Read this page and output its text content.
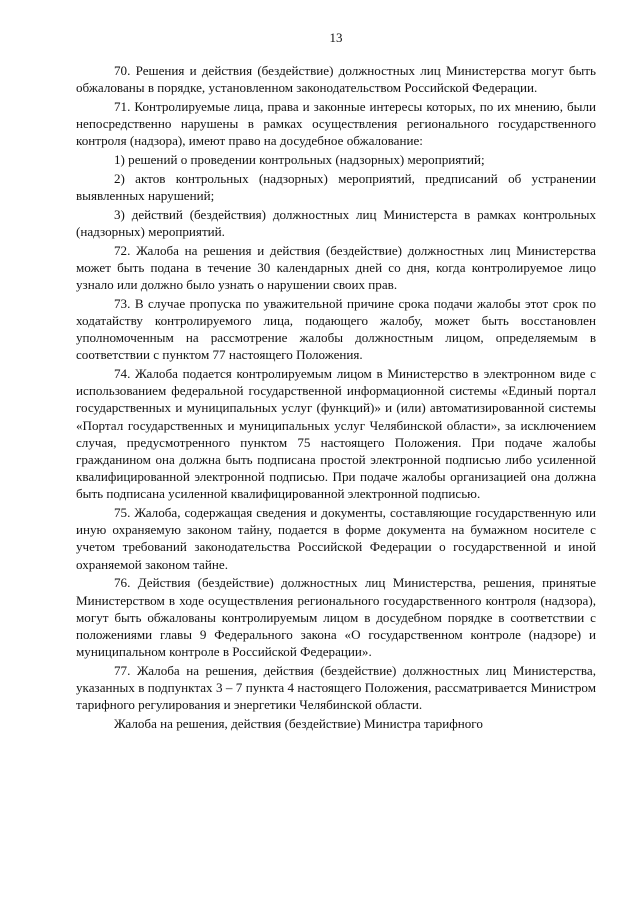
13

70. Решения и действия (бездействие) должностных лиц Министерства могут быть обжалованы в порядке, установленном законодательством Российской Федерации.

71. Контролируемые лица, права и законные интересы которых, по их мнению, были непосредственно нарушены в рамках осуществления регионального государственного контроля (надзора), имеют право на досудебное обжалование:

1) решений о проведении контрольных (надзорных) мероприятий;

2) актов контрольных (надзорных) мероприятий, предписаний об устранении выявленных нарушений;

3) действий (бездействия) должностных лиц Министерста в рамках контрольных (надзорных) мероприятий.

72. Жалоба на решения и действия (бездействие) должностных лиц Министерства может быть подана в течение 30 календарных дней со дня, когда контролируемое лицо узнало или должно было узнать о нарушении своих прав.

73. В случае пропуска по уважительной причине срока подачи жалобы этот срок по ходатайству контролируемого лица, подающего жалобу, может быть восстановлен уполномоченным на рассмотрение жалобы должностным лицом, определяемым в соответствии с пунктом 77 настоящего Положения.

74. Жалоба подается контролируемым лицом в Министерство в электронном виде с использованием федеральной государственной информационной системы «Единый портал государственных и муниципальных услуг (функций)» и (или) автоматизированной системы «Портал государственных и муниципальных услуг Челябинской области», за исключением случая, предусмотренного пунктом 75 настоящего Положения. При подаче жалобы гражданином она должна быть подписана простой электронной подписью либо усиленной квалифицированной электронной подписью. При подаче жалобы организацией она должна быть подписана усиленной квалифицированной электронной подписью.

75. Жалоба, содержащая сведения и документы, составляющие государственную или иную охраняемую законом тайну, подается в форме документа на бумажном носителе с учетом требований законодательства Российской Федерации о государственной и иной охраняемой законом тайне.

76. Действия (бездействие) должностных лиц Министерства, решения, принятые Министерством в ходе осуществления регионального государственного контроля (надзора), могут быть обжалованы контролируемым лицом в досудебном порядке в соответствии с положениями главы 9 Федерального закона «О государственном контроле (надзоре) и муниципальном контроле в Российской Федерации».

77. Жалоба на решения, действия (бездействие) должностных лиц Министерства, указанных в подпунктах 3 – 7 пункта 4 настоящего Положения, рассматривается Министром тарифного регулирования и энергетики Челябинской области.

Жалоба на решения, действия (бездействие) Министра тарифного
